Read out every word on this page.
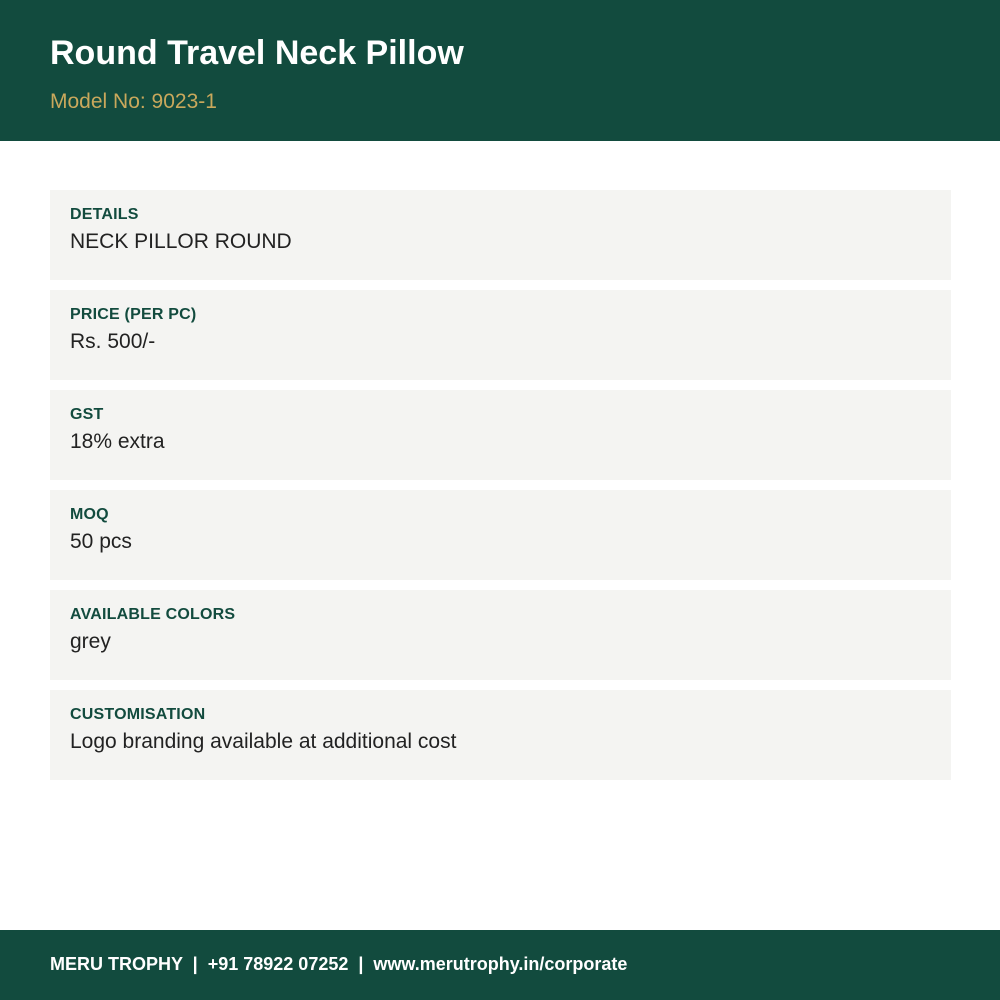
Round Travel Neck Pillow
Model No: 9023-1
DETAILS
NECK PILLOR ROUND
PRICE (PER PC)
Rs. 500/-
GST
18% extra
MOQ
50 pcs
AVAILABLE COLORS
grey
CUSTOMISATION
Logo branding available at additional cost
MERU TROPHY  |  +91 78922 07252  |  www.merutrophy.in/corporate
